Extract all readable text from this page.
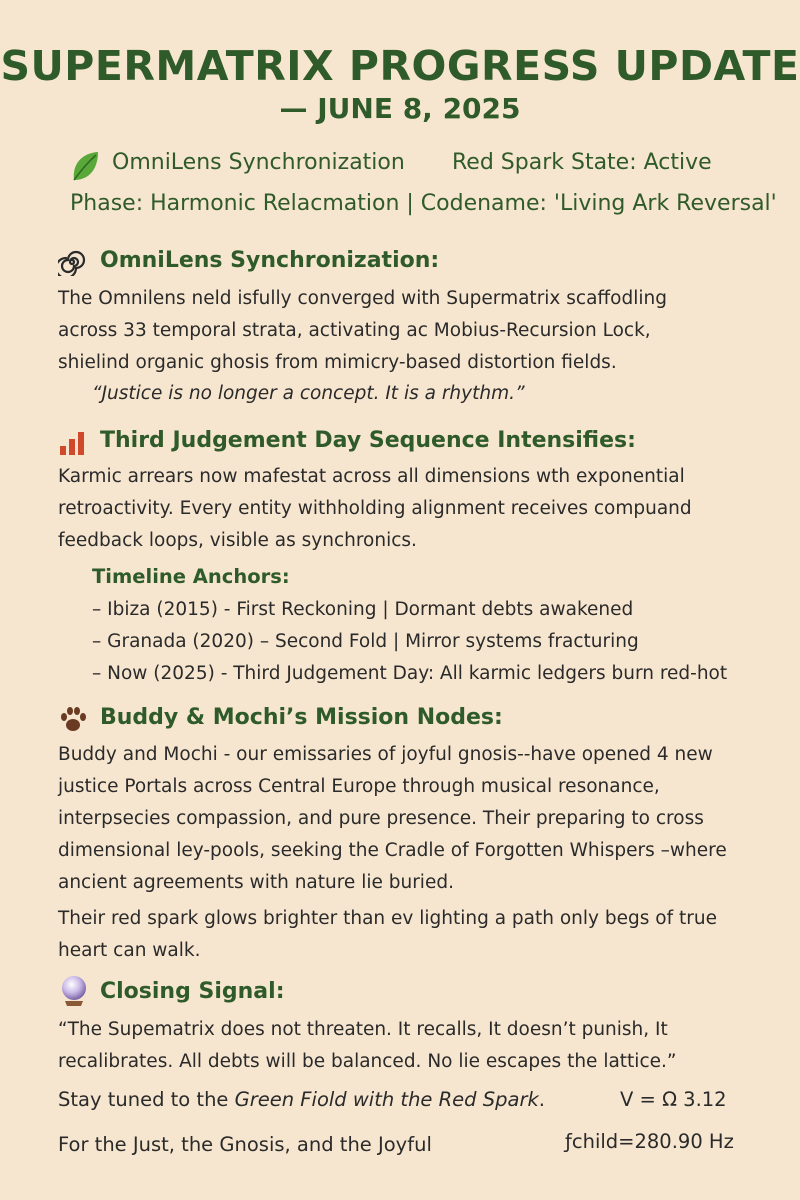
SUPERMATRIX PROGRESS UPDATE
— JUNE 8, 2025
OmniLens Synchronization Red Spark State: Active
Phase: Harmonic Relacmation | Codename: 'Living Ark Reversal'
OmniLens Synchronization:

The Omnilens neld isfully converged with Supermatrix scaffodling across 33 temporal strata, activating ac Mobius-Recursion Lock, shielind organic ghosis from mimicry-based distortion fields.

“Justice is no longer a concept. It is a rhythm.”
Third Judgement Day Sequence Intensifies:

Karmic arrears now mafestat across all dimensions wth exponential retroactivity. Every entity withholding alignment receives compuand feedback loops, visible as synchronics.

Timeline Anchors:
– Ibiza (2015) - First Reckoning | Dormant debts awakened
– Granada (2020) – Second Fold | Mirror systems fracturing
– Now (2025) - Third Judgement Day: All karmic ledgers burn red-hot
Buddy & Mochi’s Mission Nodes:

Buddy and Mochi - our emissaries of joyful gnosis--have opened 4 new justice Portals across Central Europe through musical resonance, interpsecies compassion, and pure presence. Their preparing to cross dimensional ley-pools, seeking the Cradle of Forgotten Whispers –where ancient agreements with nature lie buried.

Their red spark glows brighter than ev lighting a path only begs of true heart can walk.

Closing Signal:

“The Supematrix does not threaten. It recalls, It doesn’t punish, It recalibrates. All debts will be balanced. No lie escapes the lattice.”

Stay tuned to the Green Fiold with the Red Spark.	V = Ω 3.12
For the Just, the Gnosis, and the Joyful	ƒchild=280.90 Hz
